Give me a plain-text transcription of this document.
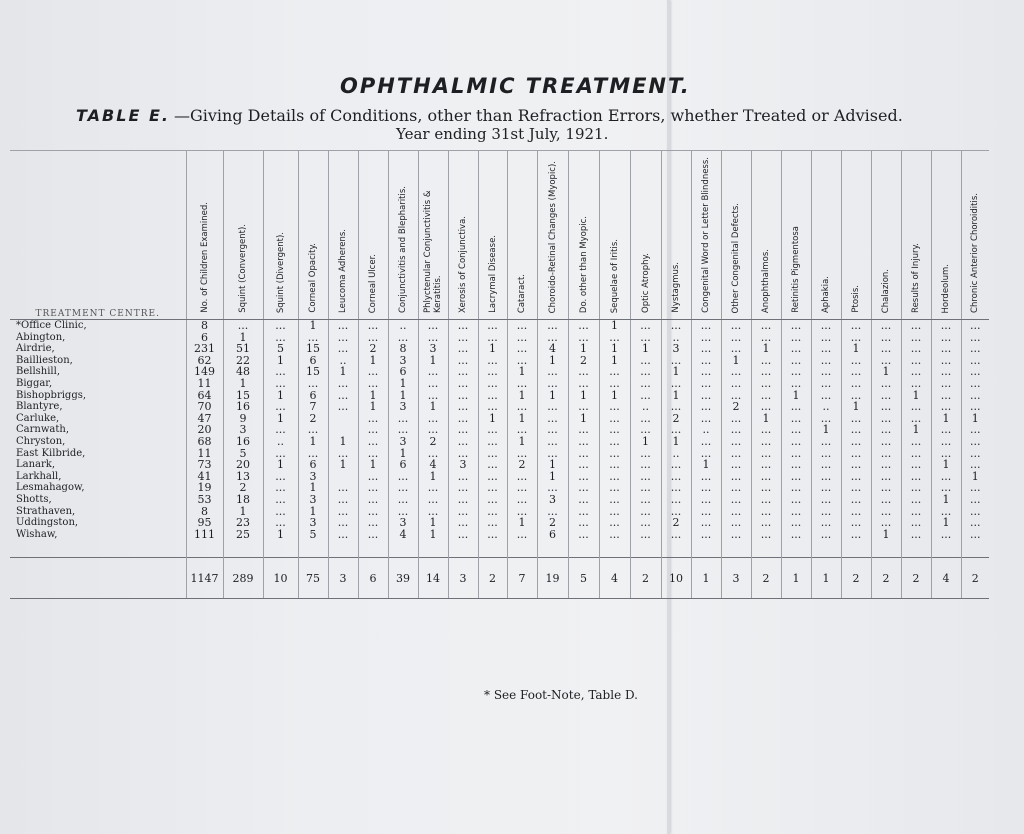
OPHTHALMIC TREATMENT.
TABLE E. —Giving Details of Conditions, other than Refraction Errors, whether Treated or Advised.
Year ending 31st July, 1921.
TREATMENT CENTRE.	No. of Children Examined.	Squint (Convergent).	Squint (Divergent).	Corneal Opacity.	Leucoma Adherens.	Corneal Ulcer.	Conjunctivitis and Blepharitis.	Phlyctenular Conjunctivitis & Keratitis.	Xerosis of Conjunctiva.	Lacrymal Disease.	Cataract.	Choroido-Retinal Changes (Myopic).	Do. other than Myopic.	Sequelae of Iritis.	Optic Atrophy.	Nystagmus.	Congenital Word or Letter Blindness.	Other Congenital Defects.	Anophthalmos.	Retinitis Pigmentosa	Aphakia.	Ptosis.	Chalazion.	Results of Injury.	Hordeolum.	Chronic Anterior Choroiditis.

*Office Clinic,	8	...	...	1	...	...	..	...	...	...	...	...	...	1	...	...	...	...	...	...	...	...	...	...	...	...
Abington,	6	1	...	...	...	...	...	...	...	...	...	...	...	...	...	..	...	...	...	...	...	...	...	...	...	...
Airdrie,	231	51	5	15	...	2	8	3	...	1	...	4	1	1	1	3	...	...	1	...	...	1	...	...	...	...
Baillieston,	62	22	1	6	..	1	3	1	...	...	...	1	2	1	...	...	...	1	...	...	...	...	...	...	...	...
Bellshill,	149	48	...	15	1	...	6	...	...	...	1	...	...	...	...	1	...	...	...	...	...	...	1	...	...	...
Biggar,	11	1	...	...	...	...	1	...	...	...	...	...	...	...	...	...	...	...	...	...	...	...	...	...	...	...
Bishopbriggs,	64	15	1	6	...	1	1	...	...	...	1	1	1	1	...	1	...	...	...	1	...	...	...	1	...	...
Blantyre,	70	16	...	7	...	1	3	1	...	...	...	...	...	...	..	...	...	2	...	...	..	1	...	...	...	...
Carluke,	47	9	1	2		...	...	...	...	1	1	...	1	...	...	2	...	...	1	...	...	...	...	...	1	1
Carnwath,	20	3	...	...		...	...	...	...	...	...	...	...	...	...	...	..	...	...	...	1	...	...	1	...	...
Chryston,	68	16	..	1	1	...	3	2	...	...	1	...	...	...	1	1	...	...	...	...	...	...	...	...	...	...
East Kilbride,	11	5	...	...	...	...	1	...	...	...	...	...	...	...	...	..	...	...	...	...	...	...	...	...	...	...
Lanark,	73	20	1	6	1	1	6	4	3	...	2	1	...	...	...	...	1	...	...	...	...	...	...	...	1	...
Larkhall,	41	13	...	3		...	...	1	...	...	...	1	...	...	...	...	...	...	...	...	...	...	...	...	...	1
Lesmahagow,	19	2	...	1	...	...	...	...	...	...	...	...	...	...	...	...	...	...	...	...	...	...	...	...	...	...
Shotts,	53	18	...	3	...	...	...	...	...	...	...	3	...	...	...	...	...	...	...	...	...	...	...	...	1	...
Strathaven,	8	1	...	1	...	...	...	...	...	...	...	...	...	...	...	...	...	...	...	...	...	...	...	...	...	...
Uddingston,	95	23	...	3	...	...	3	1	...	...	1	2	...	...	...	2	...	...	...	...	...	...	...	...	1	...
Wishaw,	111	25	1	5	...	...	4	1	...	...	...	6	...	...	...	...	...	...	...	...	...	...	1	...	...	...

	1147	289	10	75	3	6	39	14	3	2	7	19	5	4	2	10	1	3	2	1	1	2	2	2	4	2
* See Foot-Note, Table D.
